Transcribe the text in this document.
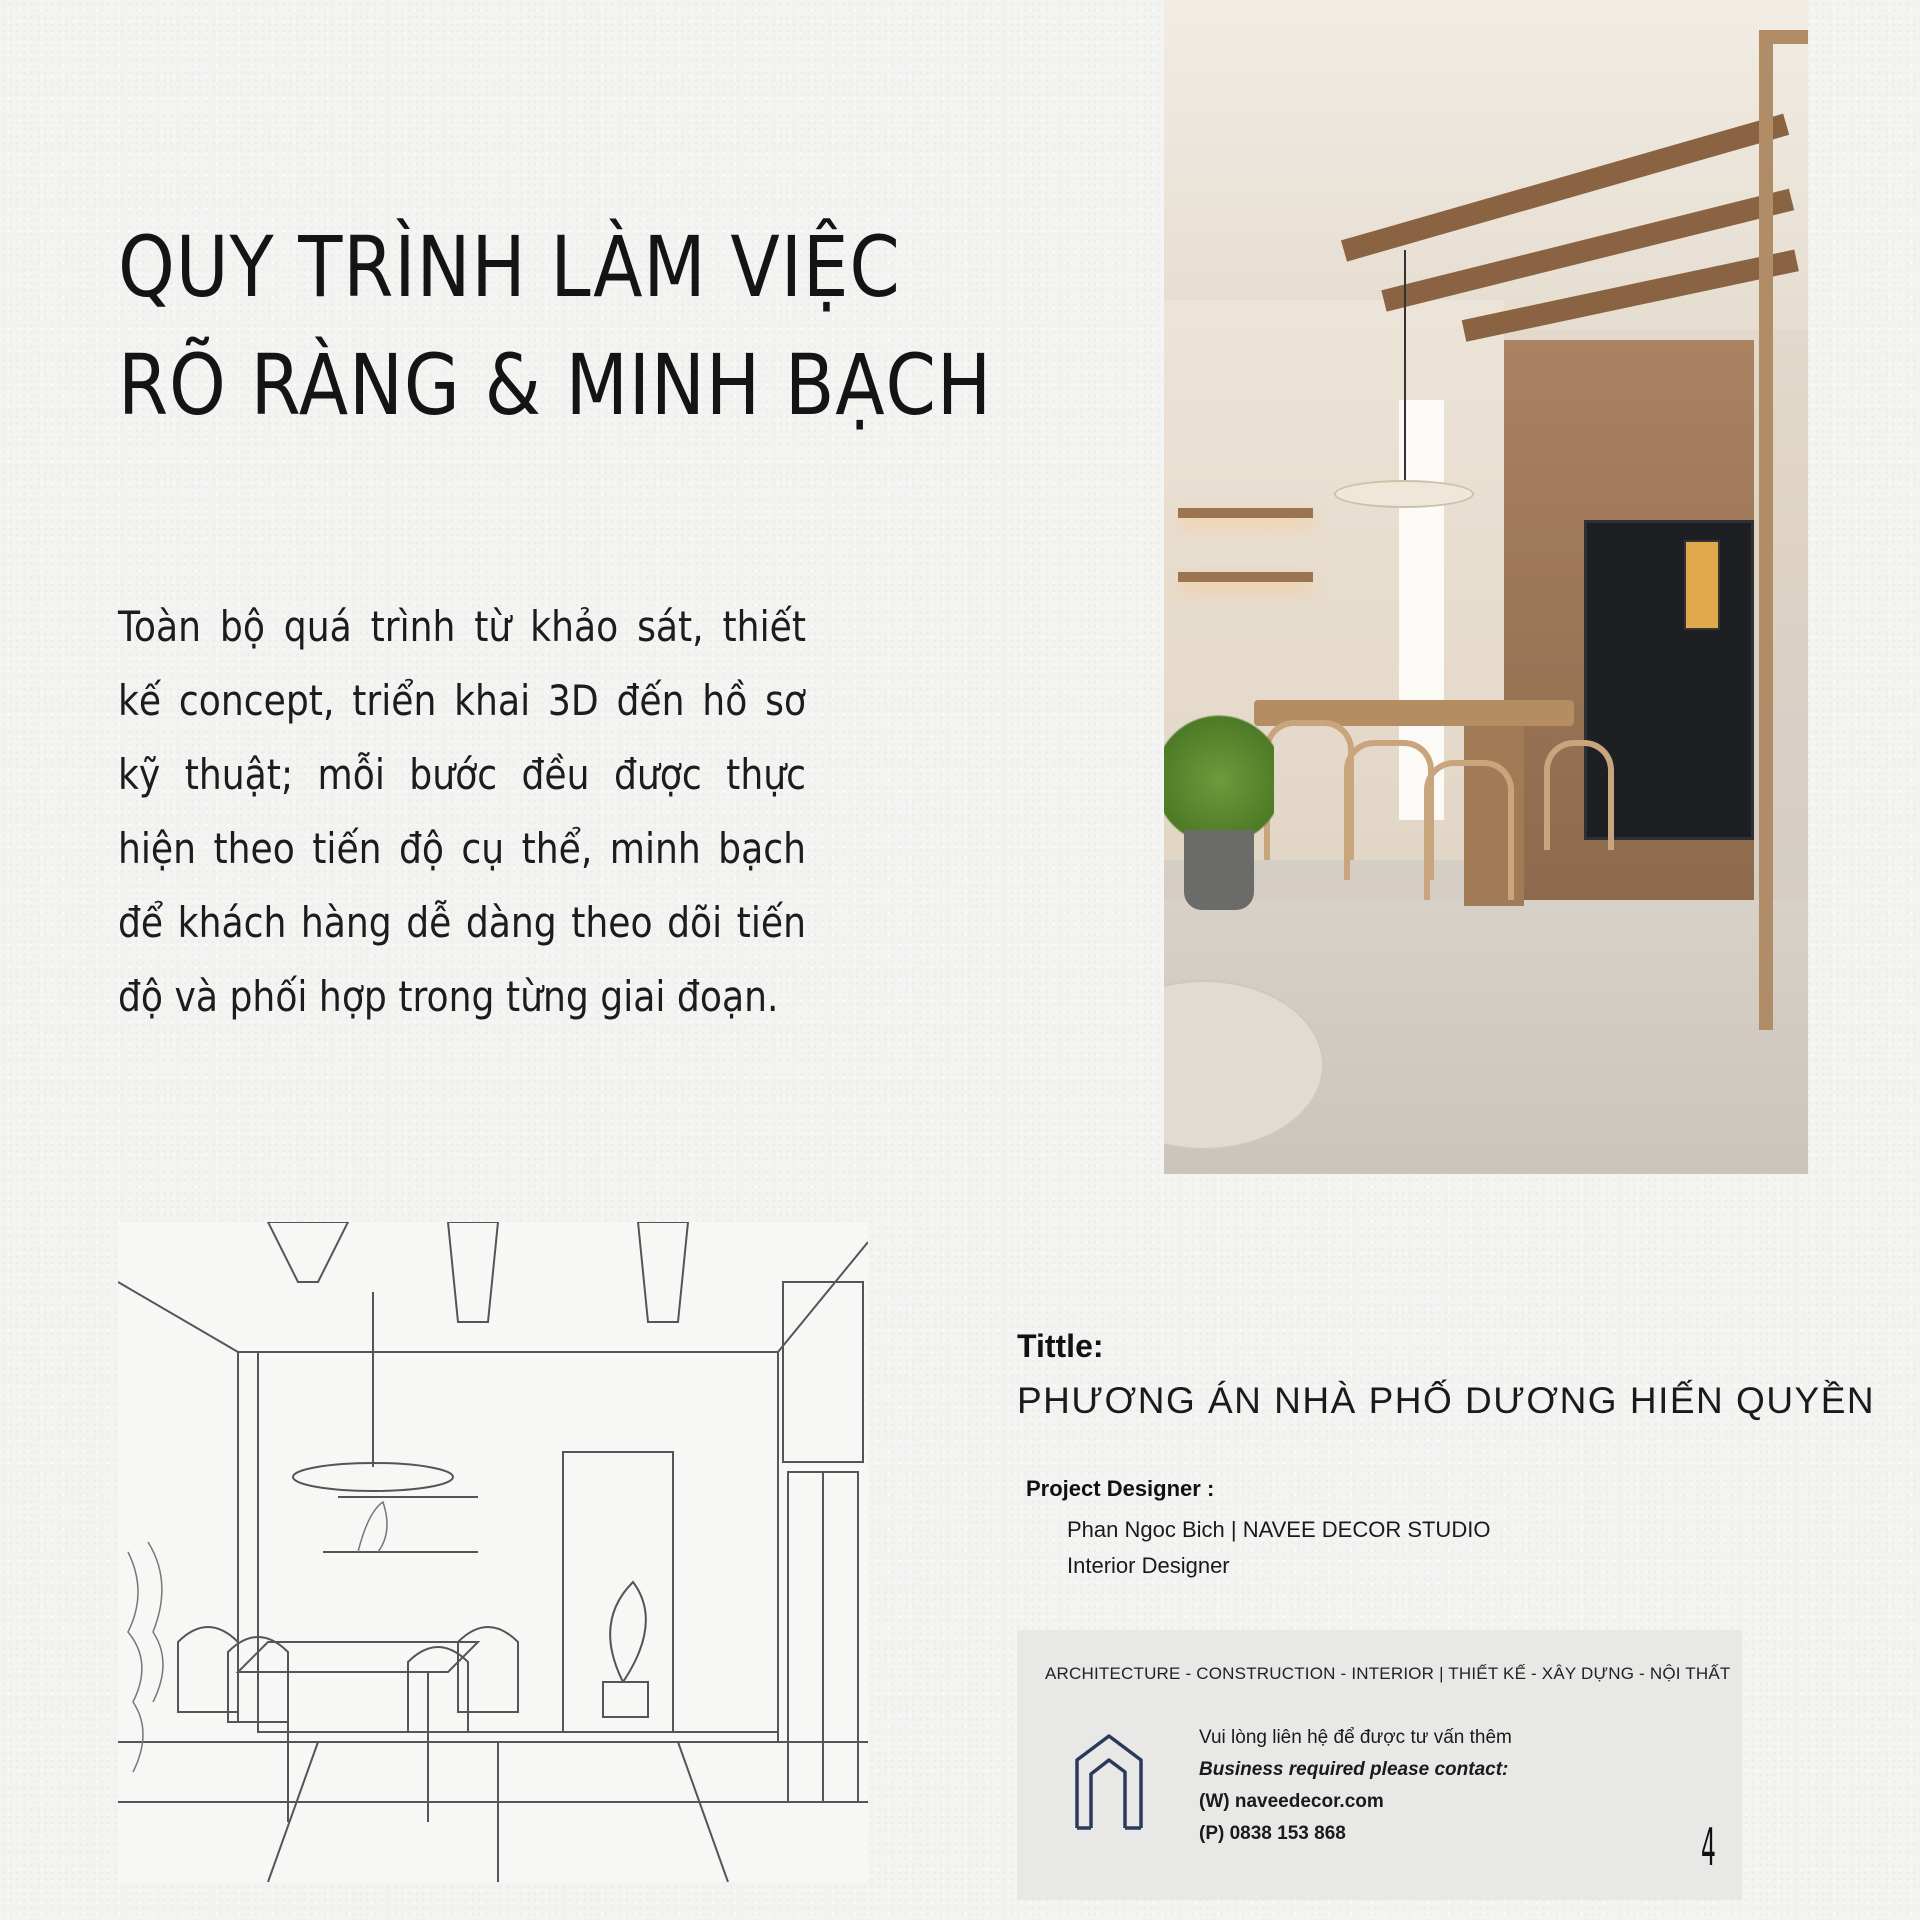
QUY TRÌNH LÀM VIỆC
RÕ RÀNG & MINH BẠCH
Toàn bộ quá trình từ khảo sát, thiết kế concept, triển khai 3D đến hồ sơ kỹ thuật; mỗi bước đều được thực hiện theo tiến độ cụ thể, minh bạch để khách hàng dễ dàng theo dõi tiến độ và phối hợp trong từng giai đoạn.
Tittle:
PHƯƠNG ÁN NHÀ PHỐ DƯƠNG HIẾN QUYỀN
Project Designer :
Phan Ngoc Bich | NAVEE DECOR STUDIO
Interior Designer
ARCHITECTURE - CONSTRUCTION - INTERIOR | THIẾT KẾ - XÂY DỰNG - NỘI THẤT
Vui lòng liên hệ để được tư vấn thêm
Business required please contact:
(W) naveedecor.com
(P) 0838 153 868	4
